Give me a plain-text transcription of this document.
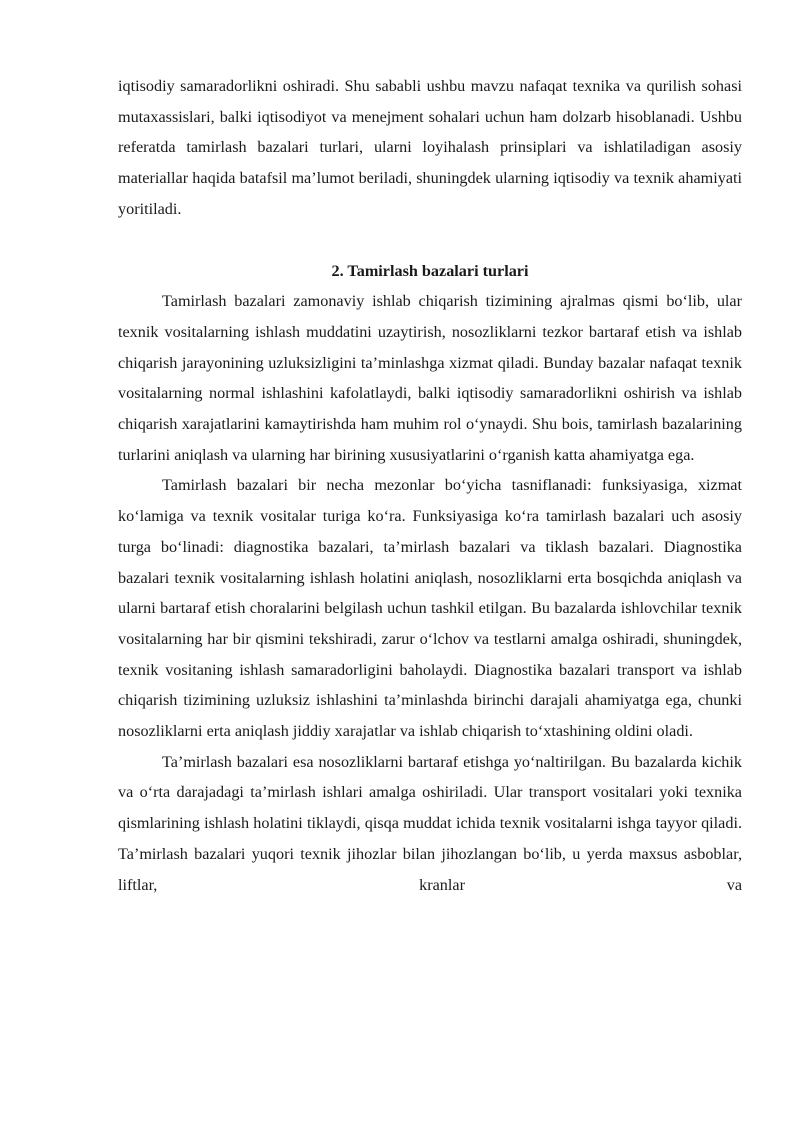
iqtisodiy samaradorlikni oshiradi. Shu sababli ushbu mavzu nafaqat texnika va qurilish sohasi mutaxassislari, balki iqtisodiyot va menejment sohalari uchun ham dolzarb hisoblanadi. Ushbu referatda tamirlash bazalari turlari, ularni loyihalash prinsiplari va ishlatiladigan asosiy materiallar haqida batafsil ma’lumot beriladi, shuningdek ularning iqtisodiy va texnik ahamiyati yoritiladi.

2. Tamirlash bazalari turlari

Tamirlash bazalari zamonaviy ishlab chiqarish tizimining ajralmas qismi bo‘lib, ular texnik vositalarning ishlash muddatini uzaytirish, nosozliklarni tezkor bartaraf etish va ishlab chiqarish jarayonining uzluksizligini ta’minlashga xizmat qiladi. Bunday bazalar nafaqat texnik vositalarning normal ishlashini kafolatlaydi, balki iqtisodiy samaradorlikni oshirish va ishlab chiqarish xarajatlarini kamaytirishda ham muhim rol o‘ynaydi. Shu bois, tamirlash bazalarining turlarini aniqlash va ularning har birining xususiyatlarini o‘rganish katta ahamiyatga ega.

Tamirlash bazalari bir necha mezonlar bo‘yicha tasniflanadi: funksiyasiga, xizmat ko‘lamiga va texnik vositalar turiga ko‘ra. Funksiyasiga ko‘ra tamirlash bazalari uch asosiy turga bo‘linadi: diagnostika bazalari, ta’mirlash bazalari va tiklash bazalari. Diagnostika bazalari texnik vositalarning ishlash holatini aniqlash, nosozliklarni erta bosqichda aniqlash va ularni bartaraf etish choralarini belgilash uchun tashkil etilgan. Bu bazalarda ishlovchilar texnik vositalarning har bir qismini tekshiradi, zarur o‘lchov va testlarni amalga oshiradi, shuningdek, texnik vositaning ishlash samaradorligini baholaydi. Diagnostika bazalari transport va ishlab chiqarish tizimining uzluksiz ishlashini ta’minlashda birinchi darajali ahamiyatga ega, chunki nosozliklarni erta aniqlash jiddiy xarajatlar va ishlab chiqarish to‘xtashining oldini oladi.

Ta’mirlash bazalari esa nosozliklarni bartaraf etishga yo‘naltirilgan. Bu bazalarda kichik va o‘rta darajadagi ta’mirlash ishlari amalga oshiriladi. Ular transport vositalari yoki texnika qismlarining ishlash holatini tiklaydi, qisqa muddat ichida texnik vositalarni ishga tayyor qiladi. Ta’mirlash bazalari yuqori texnik jihozlar bilan jihozlangan bo‘lib, u yerda maxsus asboblar, liftlar, kranlar va
